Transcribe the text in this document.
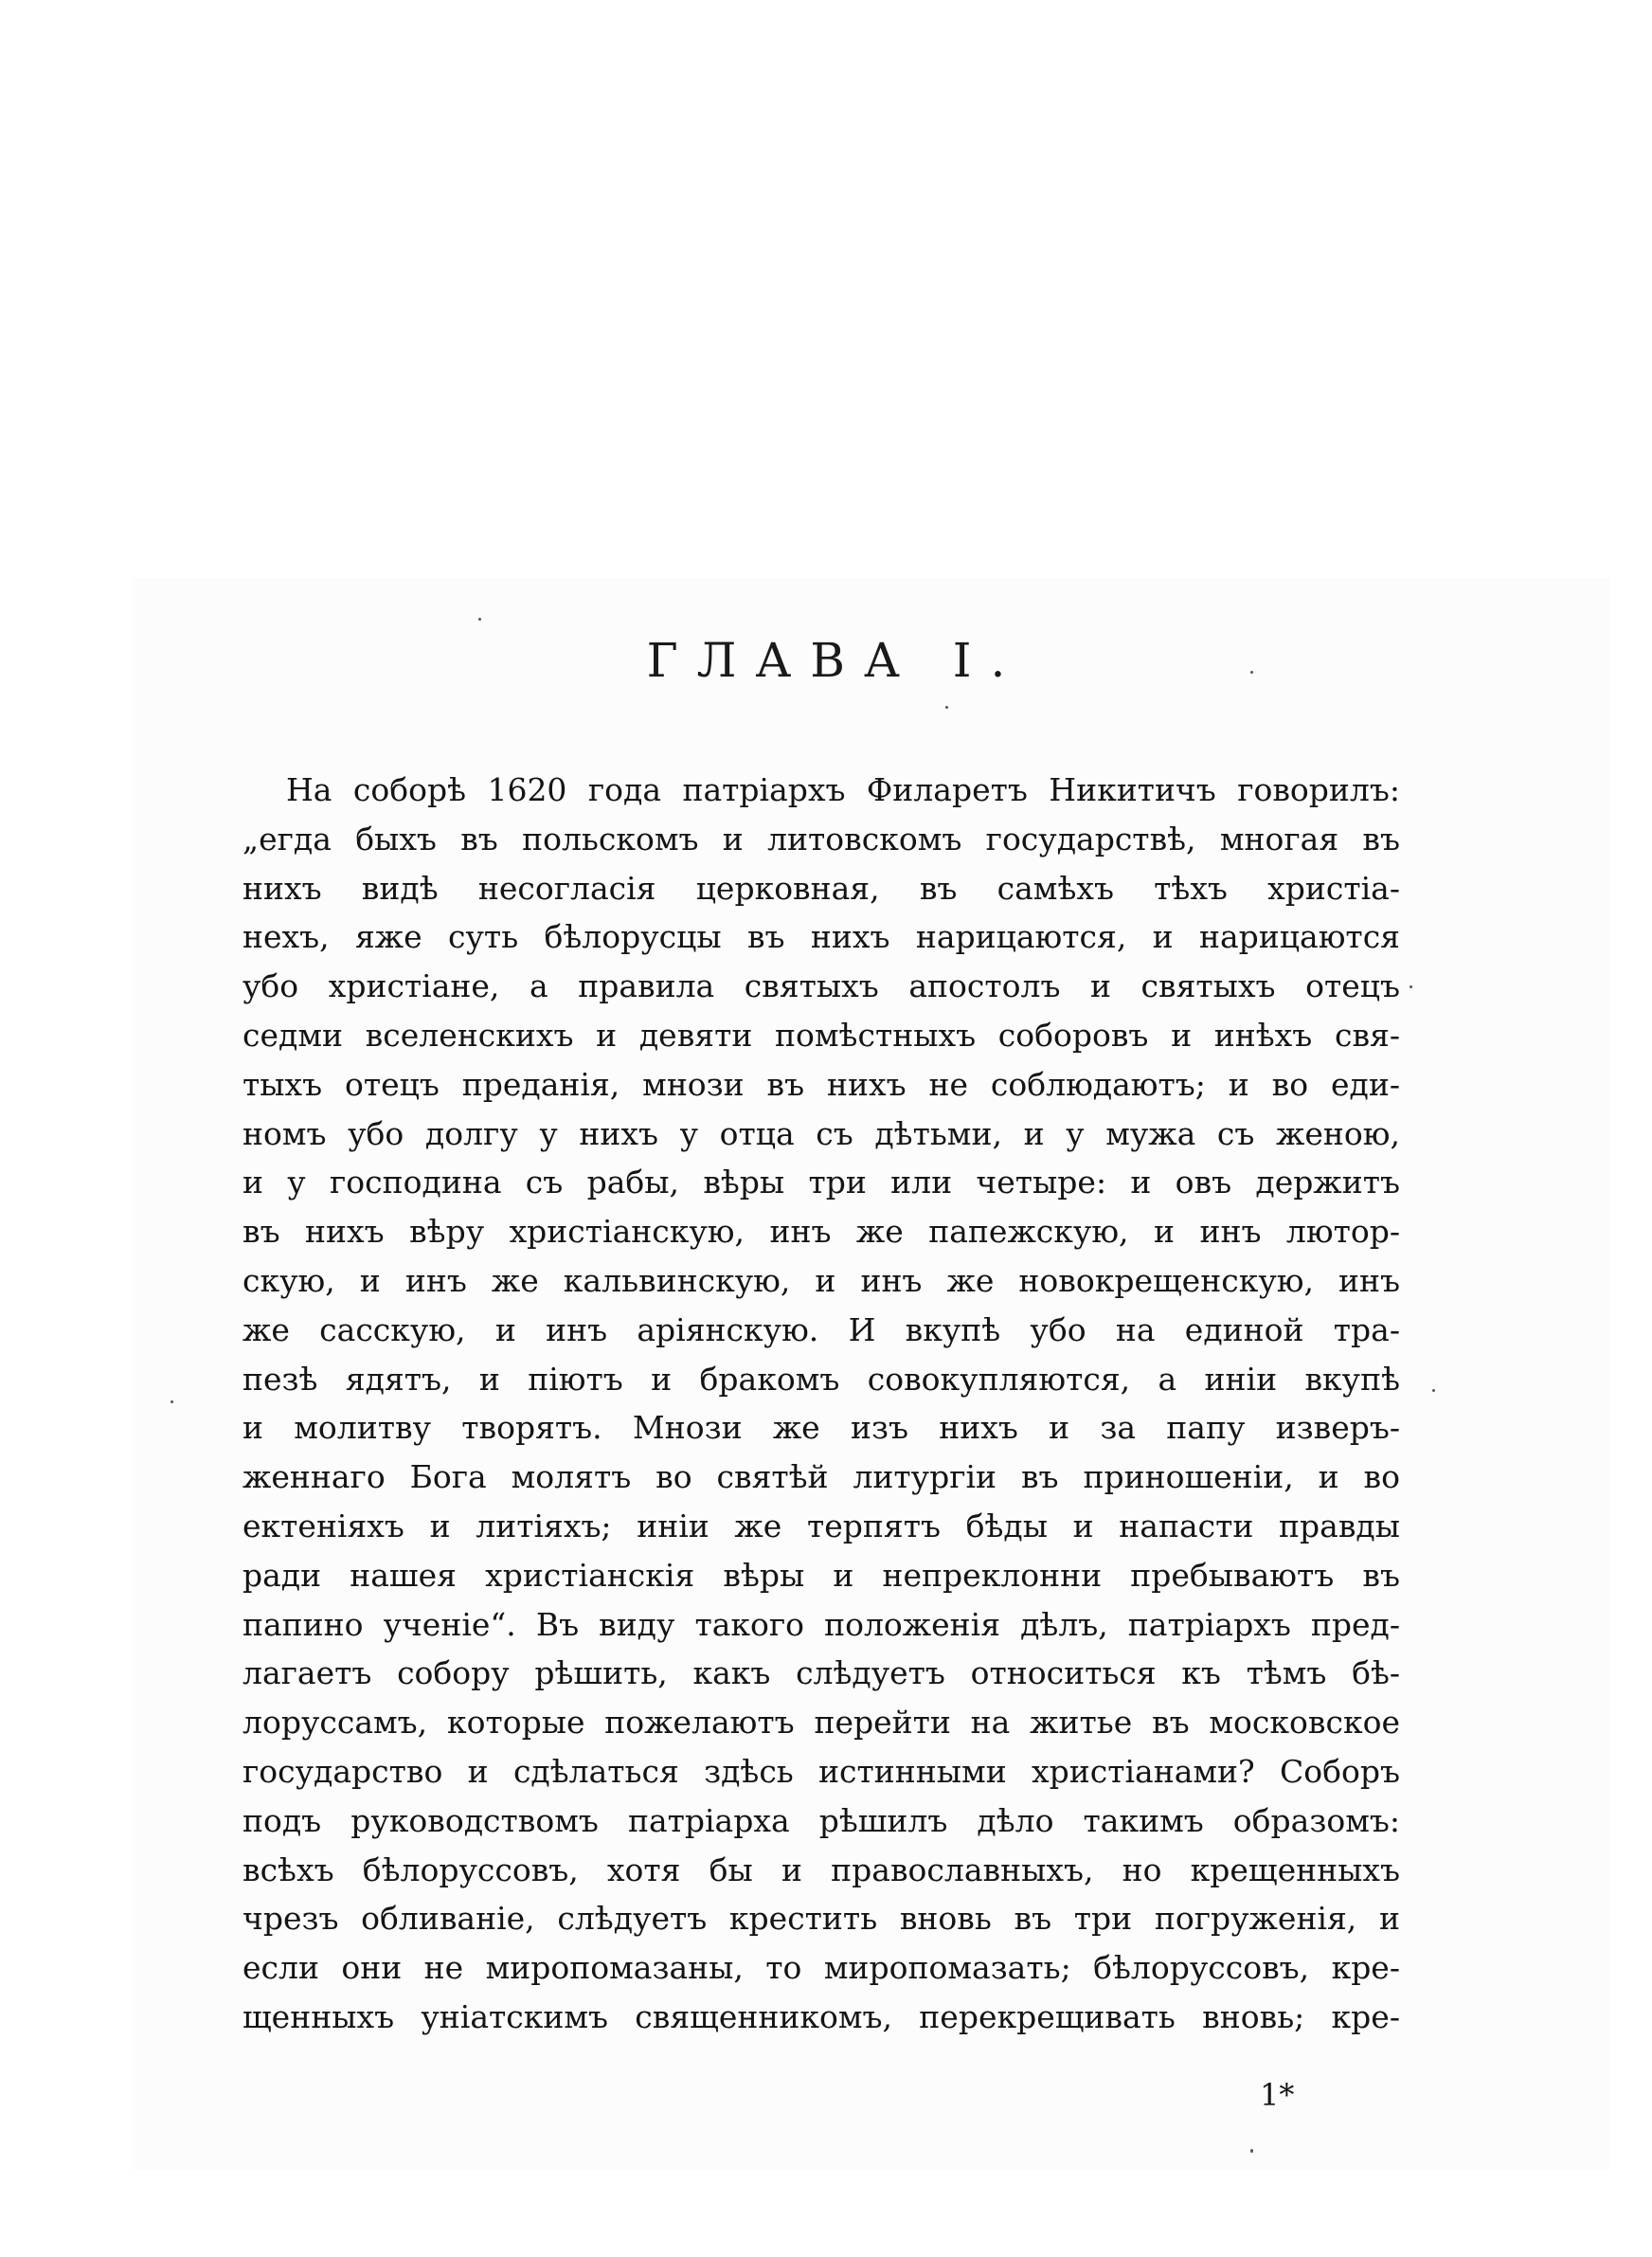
ГЛАВА І.
На соборѣ 1620 года патріархъ Филаретъ Никитичъ говорилъ:
„егда быхъ въ польскомъ и литовскомъ государствѣ, многая въ
нихъ видѣ несогласія церковная, въ самѣхъ тѣхъ христіа-
нехъ, яже суть бѣлорусцы въ нихъ нарицаются, и нарицаются
убо христіане, а правила святыхъ апостолъ и святыхъ отецъ
седми вселенскихъ и девяти помѣстныхъ соборовъ и инѣхъ свя-
тыхъ отецъ преданія, мнози въ нихъ не соблюдаютъ; и во еди-
номъ убо долгу у нихъ у отца съ дѣтьми, и у мужа съ женою,
и у господина съ рабы, вѣры три или четыре: и овъ держитъ
въ нихъ вѣру христіанскую, инъ же папежскую, и инъ лютор-
скую, и инъ же кальвинскую, и инъ же новокрещенскую, инъ
же сасскую, и инъ аріянскую. И вкупѣ убо на единой тра-
пезѣ ядятъ, и піютъ и бракомъ совокупляются, а иніи вкупѣ
и молитву творятъ. Мнози же изъ нихъ и за папу изверъ-
женнаго Бога молятъ во святѣй литургіи въ приношеніи, и во
ектеніяхъ и литіяхъ; иніи же терпятъ бѣды и напасти правды
ради нашея христіанскія вѣры и непреклонни пребываютъ въ
папино ученіе“. Въ виду такого положенія дѣлъ, патріархъ пред-
лагаетъ собору рѣшить, какъ слѣдуетъ относиться къ тѣмъ бѣ-
лоруссамъ, которые пожелаютъ перейти на житье въ московское
государство и сдѣлаться здѣсь истинными христіанами? Соборъ
подъ руководствомъ патріарха рѣшилъ дѣло такимъ образомъ:
всѣхъ бѣлоруссовъ, хотя бы и православныхъ, но крещенныхъ
чрезъ обливаніе, слѣдуетъ крестить вновь въ три погруженія, и
если они не миропомазаны, то миропомазать; бѣлоруссовъ, кре-
щенныхъ уніатскимъ священникомъ, перекрещивать вновь; кре-
1*
